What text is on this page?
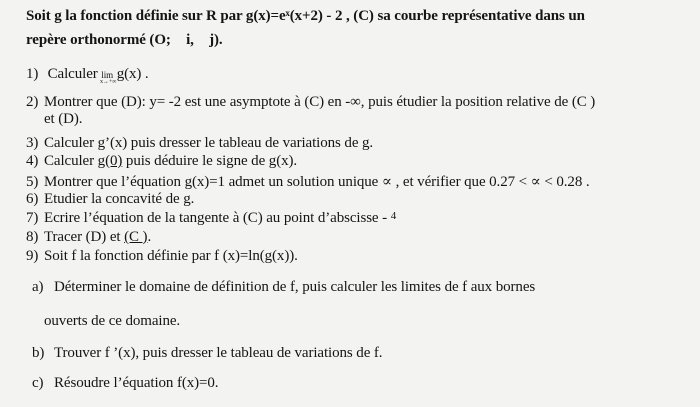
Soit g la fonction définie sur R par g(x)=eˣ(x+2) - 2 , (C) sa courbe représentative dans un
repère orthonormé (O; ⃗i, ⃗j).
1) Calculer limx→+∞ g(x) .
2) Montrer que (D): y= -2 est une asymptote à (C) en -∞, puis étudier la position relative de (C )
et (D).
3) Calculer g’(x) puis dresser le tableau de variations de g.
4) Calculer g(0) puis déduire le signe de g(x).
5) Montrer que l’équation g(x)=1 admet un solution unique ∝ , et vérifier que 0.27 < ∝ < 0.28 .
6) Etudier la concavité de g.
7) Ecrire l’équation de la tangente à (C) au point d’abscisse - $^4$
8) Tracer (D) et (C ).
9) Soit f la fonction définie par f (x)=ln(g(x)).
a) Déterminer le domaine de définition de f, puis calculer les limites de f aux bornes
ouverts de ce domaine.
b) Trouver f ’(x), puis dresser le tableau de variations de f.
c) Résoudre l’équation f(x)=0.
